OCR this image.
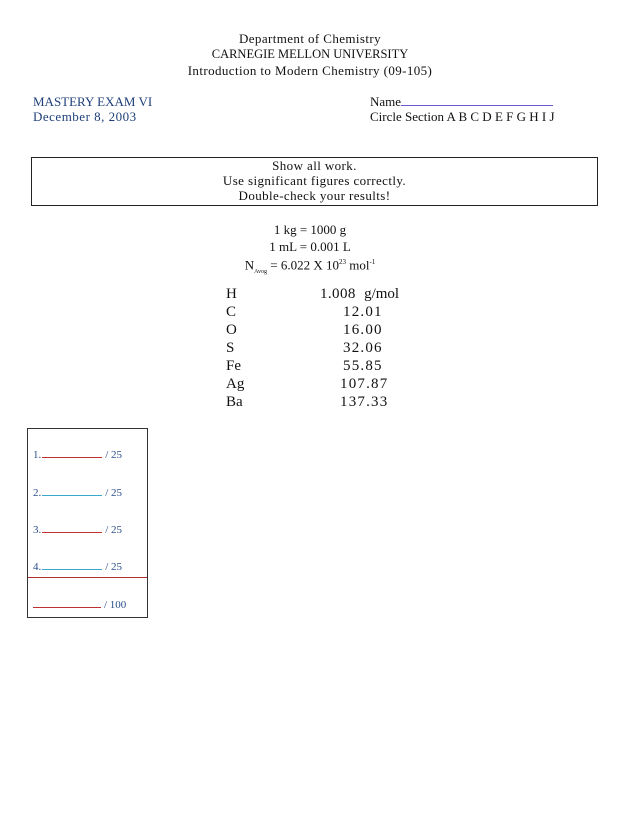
Department of Chemistry
CARNEGIE MELLON UNIVERSITY
Introduction to Modern Chemistry (09-105)
MASTERY EXAM VI
December 8, 2003
Name
Circle Section A B C D E F G H I J
Show all work.
Use significant figures correctly.
Double-check your results!
1 kg = 1000 g
1 mL = 0.001 L
$N_{Avog} = 6.022$ X $10^{23}$ mol$^{-1}$
H	1.008 g/mol
C	12.01
O	16.00
S	32.06
Fe	55.85
Ag	107.87
Ba	137.33
1.	/ 25
2.	/ 25
3.	/ 25
4.	/ 25
/ 100
